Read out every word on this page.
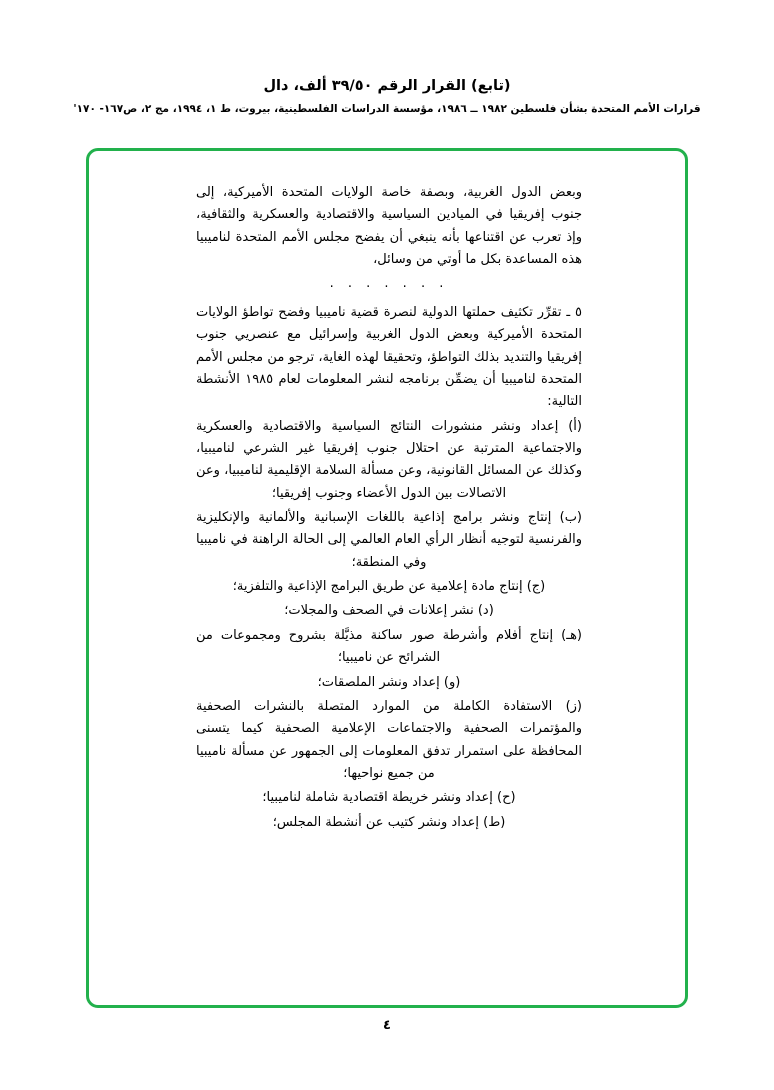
(تابع) القرار الرقم ٣٩/٥٠ ألف، دال
قرارات الأمم المتحدة بشأن فلسطين ١٩٨٢ ــ ١٩٨٦، مؤسسة الدراسات الفلسطينية، بيروت، ط ١، ١٩٩٤، مج ٢، ص١٦٧- ١٧٠'

وبعض الدول الغربية، وبصفة خاصة الولايات المتحدة الأميركية، إلى جنوب إفريقيا في الميادين السياسية والاقتصادية والعسكرية والثقافية، وإذ تعرب عن اقتناعها بأنه ينبغي أن يفضح مجلس الأمم المتحدة لناميبيا هذه المساعدة بكل ما أوتي من وسائل،

. . . . . . .

٥ ـ تقرِّر تكثيف حملتها الدولية لنصرة قضية ناميبيا وفضح تواطؤ الولايات المتحدة الأميركية وبعض الدول الغربية وإسرائيل مع عنصريي جنوب إفريقيا والتنديد بذلك التواطؤ، وتحقيقا لهذه الغاية، ترجو من مجلس الأمم المتحدة لناميبيا أن يضمِّن برنامجه لنشر المعلومات لعام ١٩٨٥ الأنشطة التالية:

(أ) إعداد ونشر منشورات النتائج السياسية والاقتصادية والعسكرية والاجتماعية المترتبة عن احتلال جنوب إفريقيا غير الشرعي لناميبيا، وكذلك عن المسائل القانونية، وعن مسألة السلامة الإقليمية لناميبيا، وعن الاتصالات بين الدول الأعضاء وجنوب إفريقيا؛

(ب) إنتاج ونشر برامج إذاعية باللغات الإسبانية والألمانية والإنكليزية والفرنسية لتوجيه أنظار الرأي العام العالمي إلى الحالة الراهنة في ناميبيا وفي المنطقة؛

(ج) إنتاج مادة إعلامية عن طريق البرامج الإذاعية والتلفزية؛

(د) نشر إعلانات في الصحف والمجلات؛

(هـ) إنتاج أفلام وأشرطة صور ساكنة مذيَّلة بشروح ومجموعات من الشرائح عن ناميبيا؛

(و) إعداد ونشر الملصقات؛

(ز) الاستفادة الكاملة من الموارد المتصلة بالنشرات الصحفية والمؤتمرات الصحفية والاجتماعات الإعلامية الصحفية كيما يتسنى المحافظة على استمرار تدفق المعلومات إلى الجمهور عن مسألة ناميبيا من جميع نواحيها؛

(ح) إعداد ونشر خريطة اقتصادية شاملة لناميبيا؛

(ط) إعداد ونشر كتيب عن أنشطة المجلس؛

٤
